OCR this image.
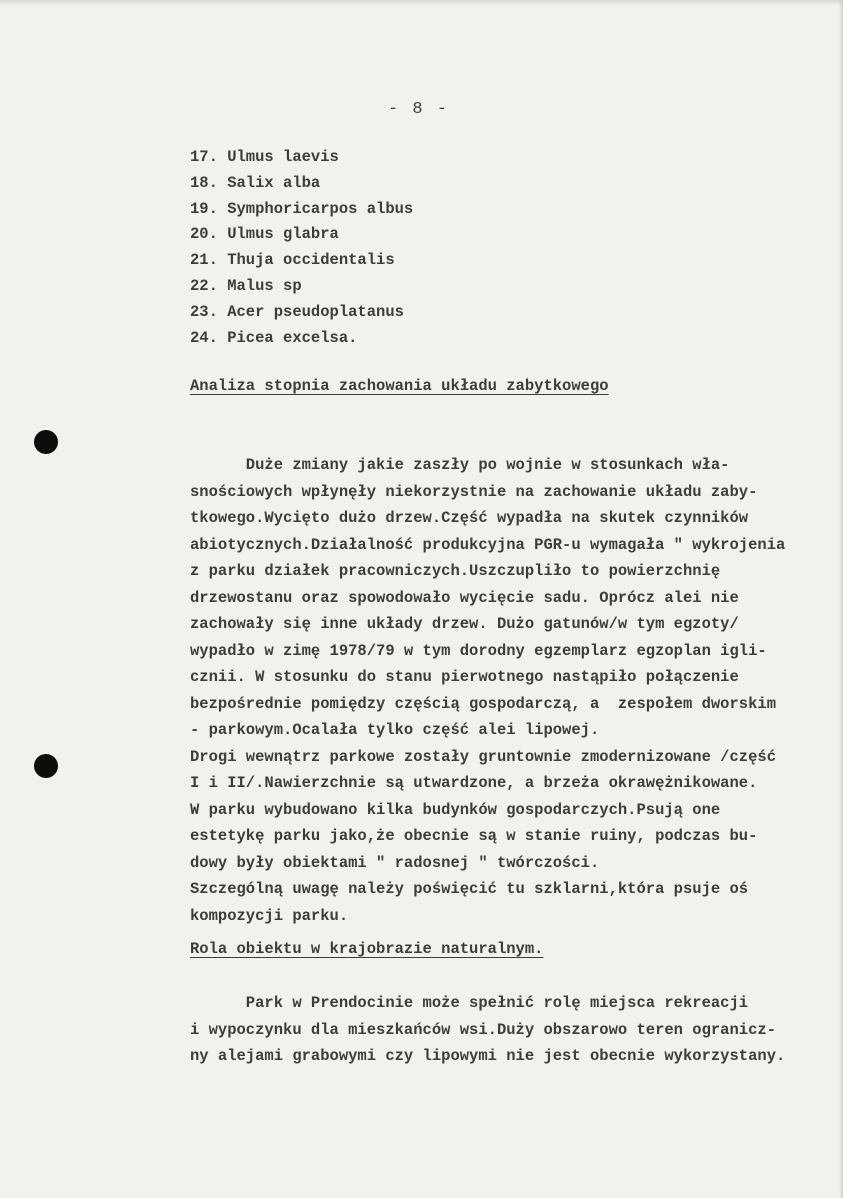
- 8 -
17. Ulmus laevis
18. Salix alba
19. Symphoricarpos albus
20. Ulmus glabra
21. Thuja occidentalis
22. Malus sp
23. Acer pseudoplatanus
24. Picea excelsa.
Analiza stopnia zachowania układu zabytkowego

Duże zmiany jakie zaszły po wojnie w stosunkach wła-
snościowych wpłynęły niekorzystnie na zachowanie układu zaby-
tkowego.Wycięto dużo drzew.Część wypadła na skutek czynników
abiotycznych.Działalność produkcyjna PGR-u wymagała " wykrojenia
z parku działek pracowniczych.Uszczupliło to powierzchnię
drzewostanu oraz spowodowało wycięcie sadu. Oprócz alei nie
zachowały się inne układy drzew. Dużo gatunów/w tym egzoty/
wypadło w zimę 1978/79 w tym dorodny egzemplarz egzoplan igli-
cznii. W stosunku do stanu pierwotnego nastąpiło połączenie
bezpośrednie pomiędzy częścią gospodarczą, a  zespołem dworskim
- parkowym.Ocalała tylko część alei lipowej.
Drogi wewnątrz parkowe zostały gruntownie zmodernizowane /część
I i II/.Nawierzchnie są utwardzone, a brzeża okrawężnikowane.
W parku wybudowano kilka budynków gospodarczych.Psują one
estetykę parku jako,że obecnie są w stanie ruiny, podczas bu-
dowy były obiektami " radosnej " twórczości.
Szczególną uwagę należy poświęcić tu szklarni,która psuje oś
kompozycji parku.

Rola obiektu w krajobrazie naturalnym.

Park w Prendocinie może spełnić rolę miejsca rekreacji
i wypoczynku dla mieszkańców wsi.Duży obszarowo teren ogranicz-
ny alejami grabowymi czy lipowymi nie jest obecnie wykorzystany.
